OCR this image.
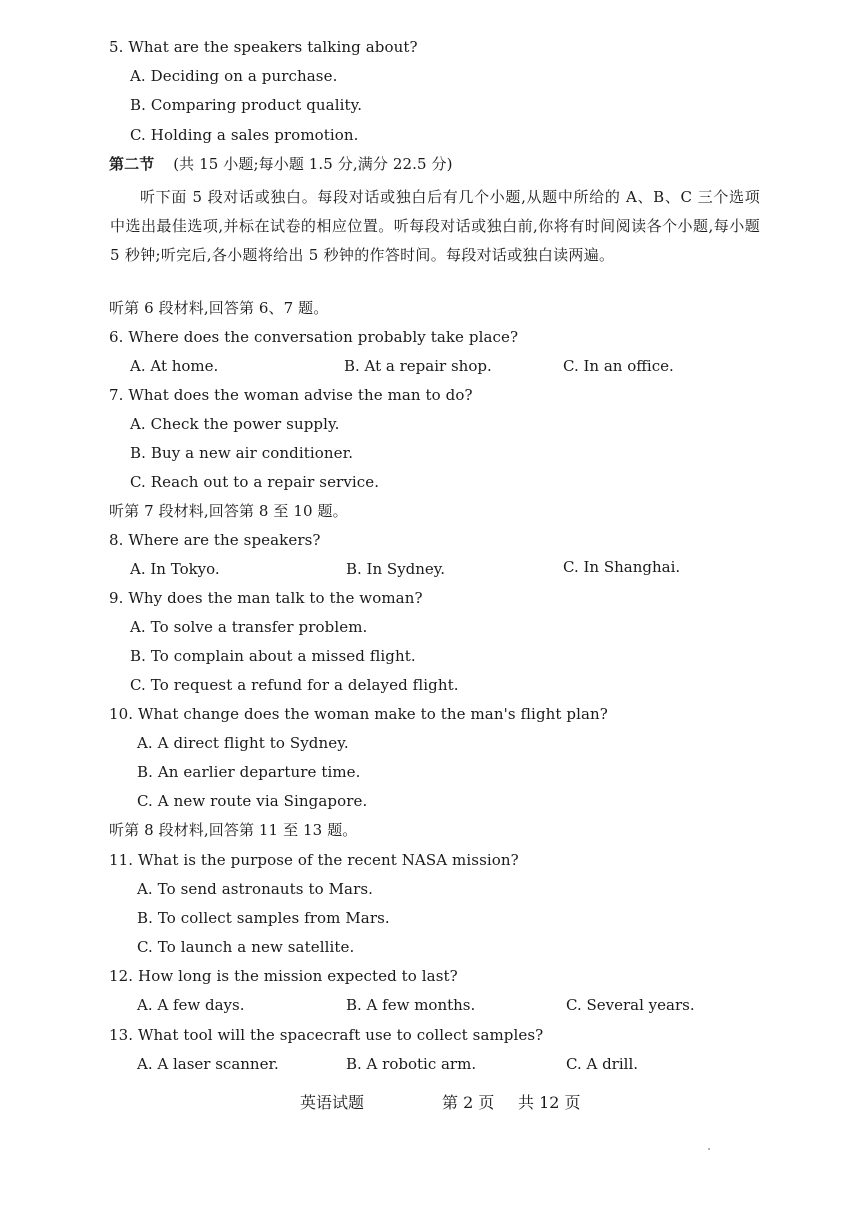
5. What are the speakers talking about?
A. Deciding on a purchase.
B. Comparing product quality.
C. Holding a sales promotion.
第二节 (共 15 小题;每小题 1.5 分,满分 22.5 分)
听下面 5 段对话或独白。每段对话或独白后有几个小题,从题中所给的 A、B、C 三个选项中选出最佳选项,并标在试卷的相应位置。听每段对话或独白前,你将有时间阅读各个小题,每小题 5 秒钟;听完后,各小题将给出 5 秒钟的作答时间。每段对话或独白读两遍。
听第 6 段材料,回答第 6、7 题。
6. Where does the conversation probably take place?
A. At home.	B. At a repair shop.	C. In an office.
7. What does the woman advise the man to do?
A. Check the power supply.
B. Buy a new air conditioner.
C. Reach out to a repair service.
听第 7 段材料,回答第 8 至 10 题。
8. Where are the speakers?
A. In Tokyo.	B. In Sydney.	C. In Shanghai.
9. Why does the man talk to the woman?
A. To solve a transfer problem.
B. To complain about a missed flight.
C. To request a refund for a delayed flight.
10. What change does the woman make to the man's flight plan?
A. A direct flight to Sydney.
B. An earlier departure time.
C. A new route via Singapore.
听第 8 段材料,回答第 11 至 13 题。
11. What is the purpose of the recent NASA mission?
A. To send astronauts to Mars.
B. To collect samples from Mars.
C. To launch a new satellite.
12. How long is the mission expected to last?
A. A few days.	B. A few months.	C. Several years.
13. What tool will the spacecraft use to collect samples?
A. A laser scanner.	B. A robotic arm.	C. A drill.
英语试题	第 2 页 共 12 页
